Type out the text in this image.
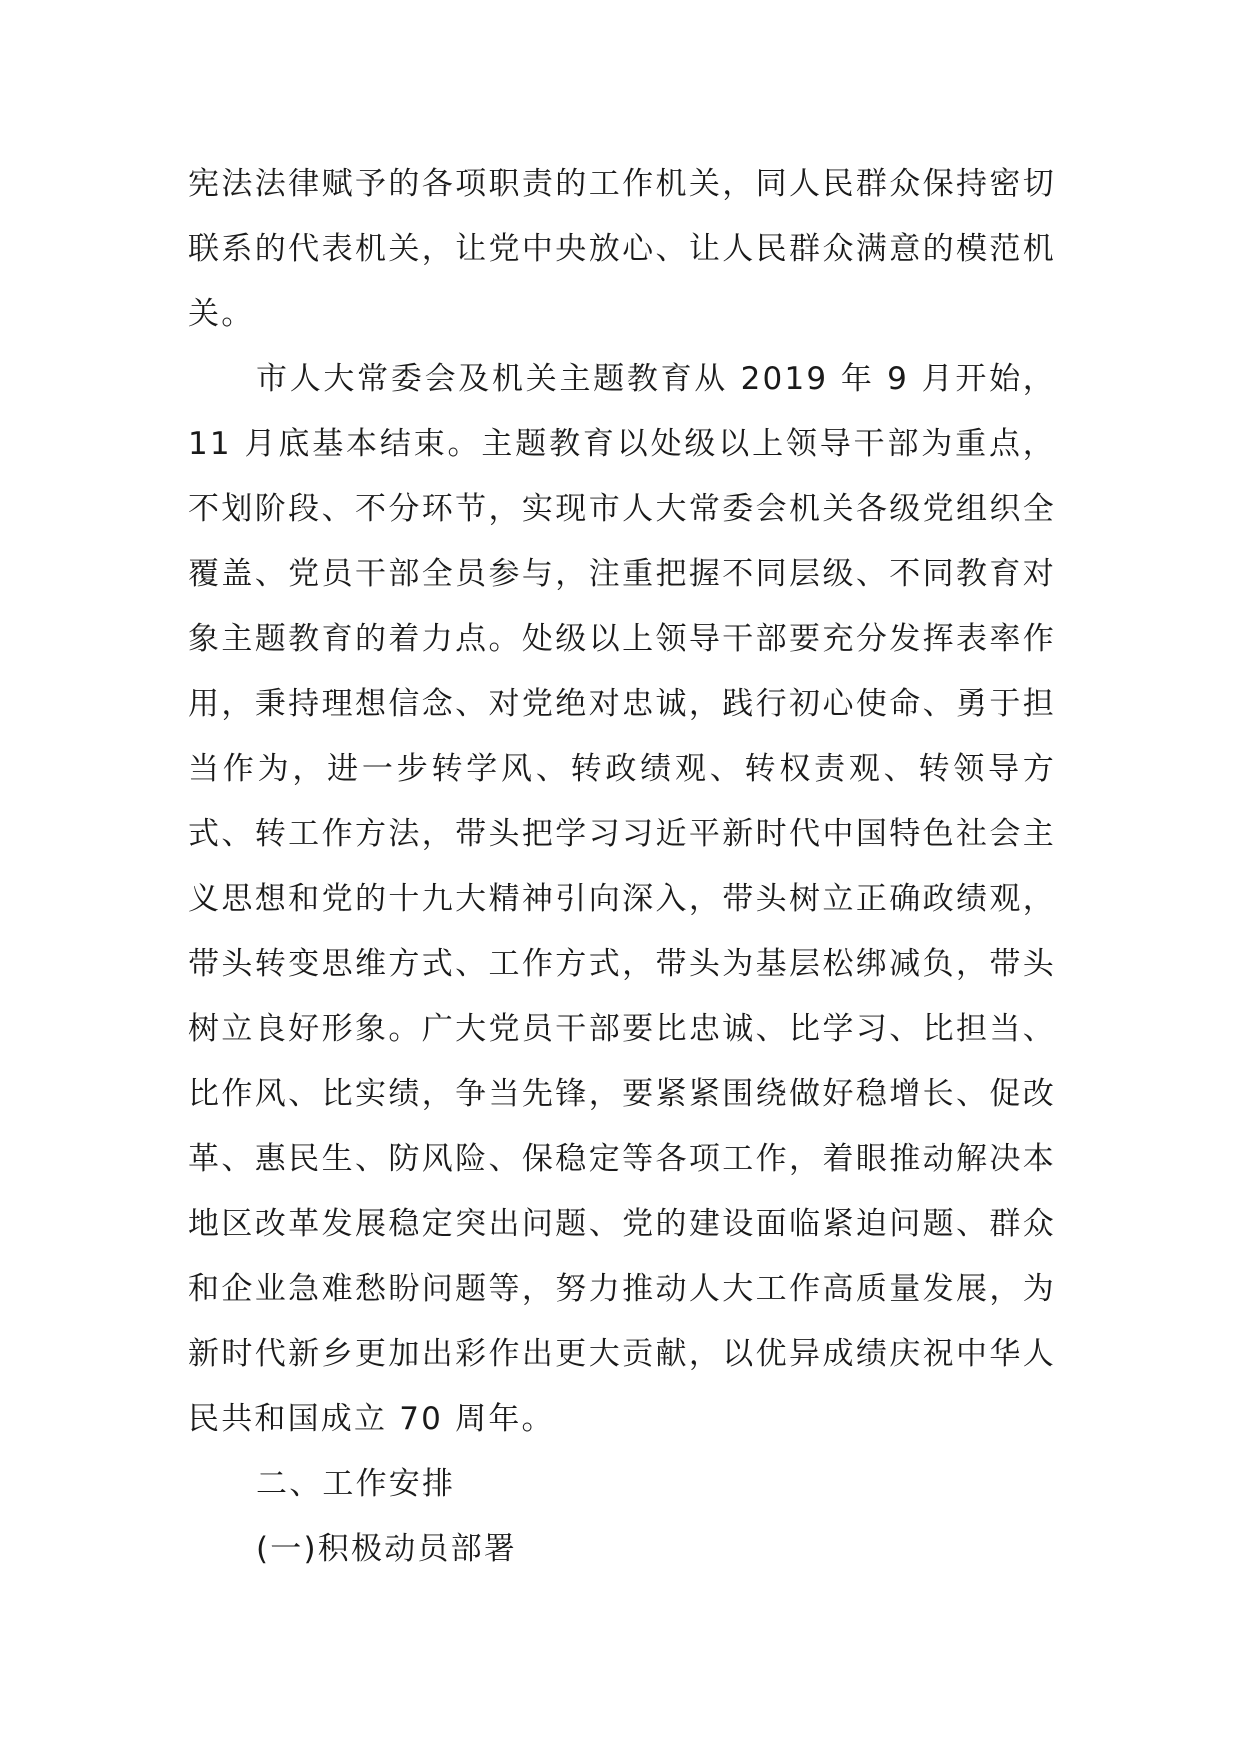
宪法法律赋予的各项职责的工作机关，同人民群众保持密切联系的代表机关，让党中央放心、让人民群众满意的模范机关。

市人大常委会及机关主题教育从 2019 年 9 月开始，11 月底基本结束。主题教育以处级以上领导干部为重点，不划阶段、不分环节，实现市人大常委会机关各级党组织全覆盖、党员干部全员参与，注重把握不同层级、不同教育对象主题教育的着力点。处级以上领导干部要充分发挥表率作用，秉持理想信念、对党绝对忠诚，践行初心使命、勇于担当作为，进一步转学风、转政绩观、转权责观、转领导方式、转工作方法，带头把学习习近平新时代中国特色社会主义思想和党的十九大精神引向深入，带头树立正确政绩观，带头转变思维方式、工作方式，带头为基层松绑减负，带头树立良好形象。广大党员干部要比忠诚、比学习、比担当、比作风、比实绩，争当先锋，要紧紧围绕做好稳增长、促改革、惠民生、防风险、保稳定等各项工作，着眼推动解决本地区改革发展稳定突出问题、党的建设面临紧迫问题、群众和企业急难愁盼问题等，努力推动人大工作高质量发展，为新时代新乡更加出彩作出更大贡献，以优异成绩庆祝中华人民共和国成立 70 周年。

二、工作安排

(一)积极动员部署
